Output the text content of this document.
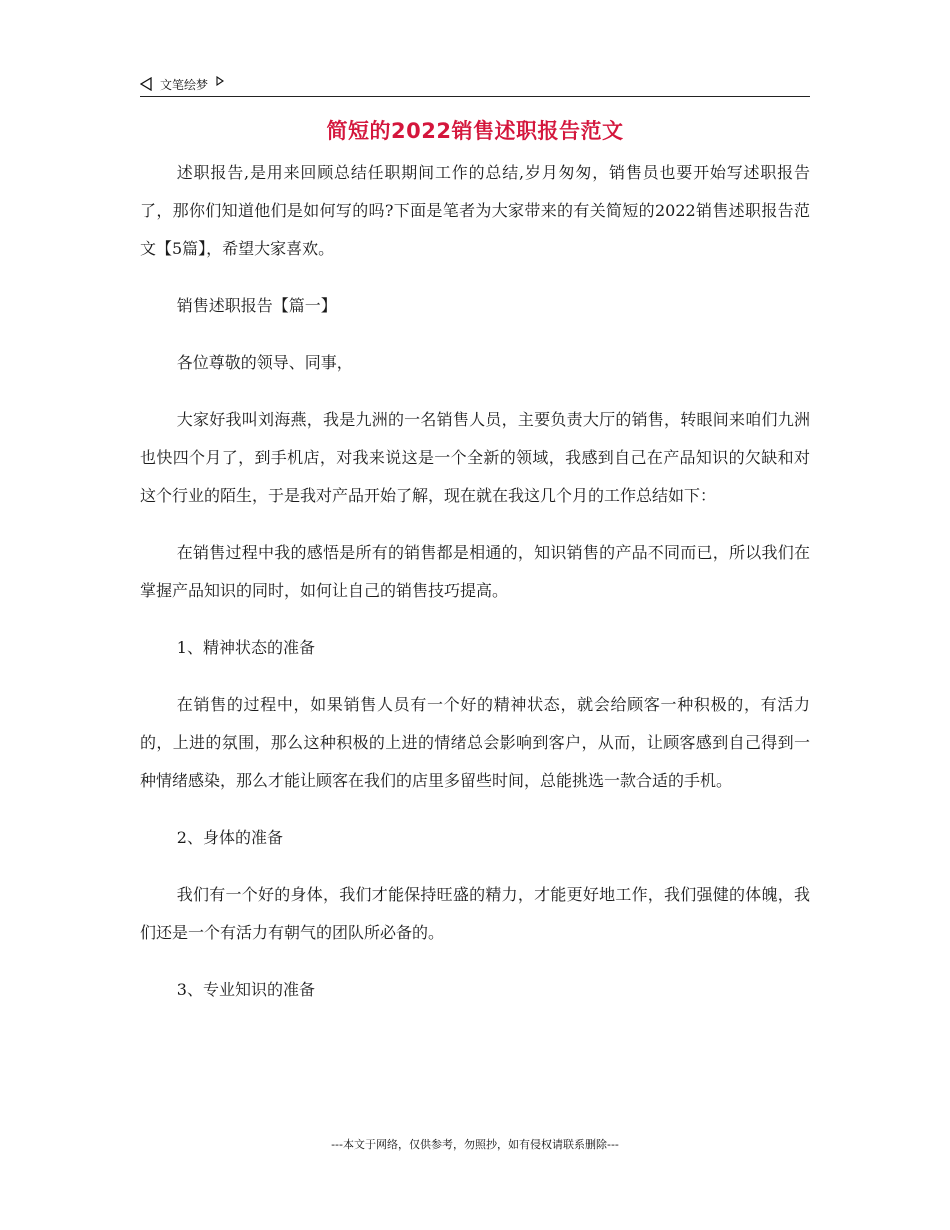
文笔绘梦
简短的2022销售述职报告范文

述职报告,是用来回顾总结任职期间工作的总结,岁月匆匆，销售员也要开始写述职报告了，那你们知道他们是如何写的吗?下面是笔者为大家带来的有关简短的2022销售述职报告范文【5篇】，希望大家喜欢。

销售述职报告【篇一】

各位尊敬的领导、同事，

大家好我叫刘海燕，我是九洲的一名销售人员，主要负责大厅的销售，转眼间来咱们九洲也快四个月了，到手机店，对我来说这是一个全新的领域，我感到自己在产品知识的欠缺和对这个行业的陌生，于是我对产品开始了解，现在就在我这几个月的工作总结如下：

在销售过程中我的感悟是所有的销售都是相通的，知识销售的产品不同而已，所以我们在掌握产品知识的同时，如何让自己的销售技巧提高。

1、精神状态的准备

在销售的过程中，如果销售人员有一个好的精神状态，就会给顾客一种积极的，有活力的，上进的氛围，那么这种积极的上进的情绪总会影响到客户，从而，让顾客感到自己得到一种情绪感染，那么才能让顾客在我们的店里多留些时间，总能挑选一款合适的手机。

2、身体的准备

我们有一个好的身体，我们才能保持旺盛的精力，才能更好地工作，我们强健的体魄，我们还是一个有活力有朝气的团队所必备的。

3、专业知识的准备

---本文于网络，仅供参考，勿照抄，如有侵权请联系删除---
